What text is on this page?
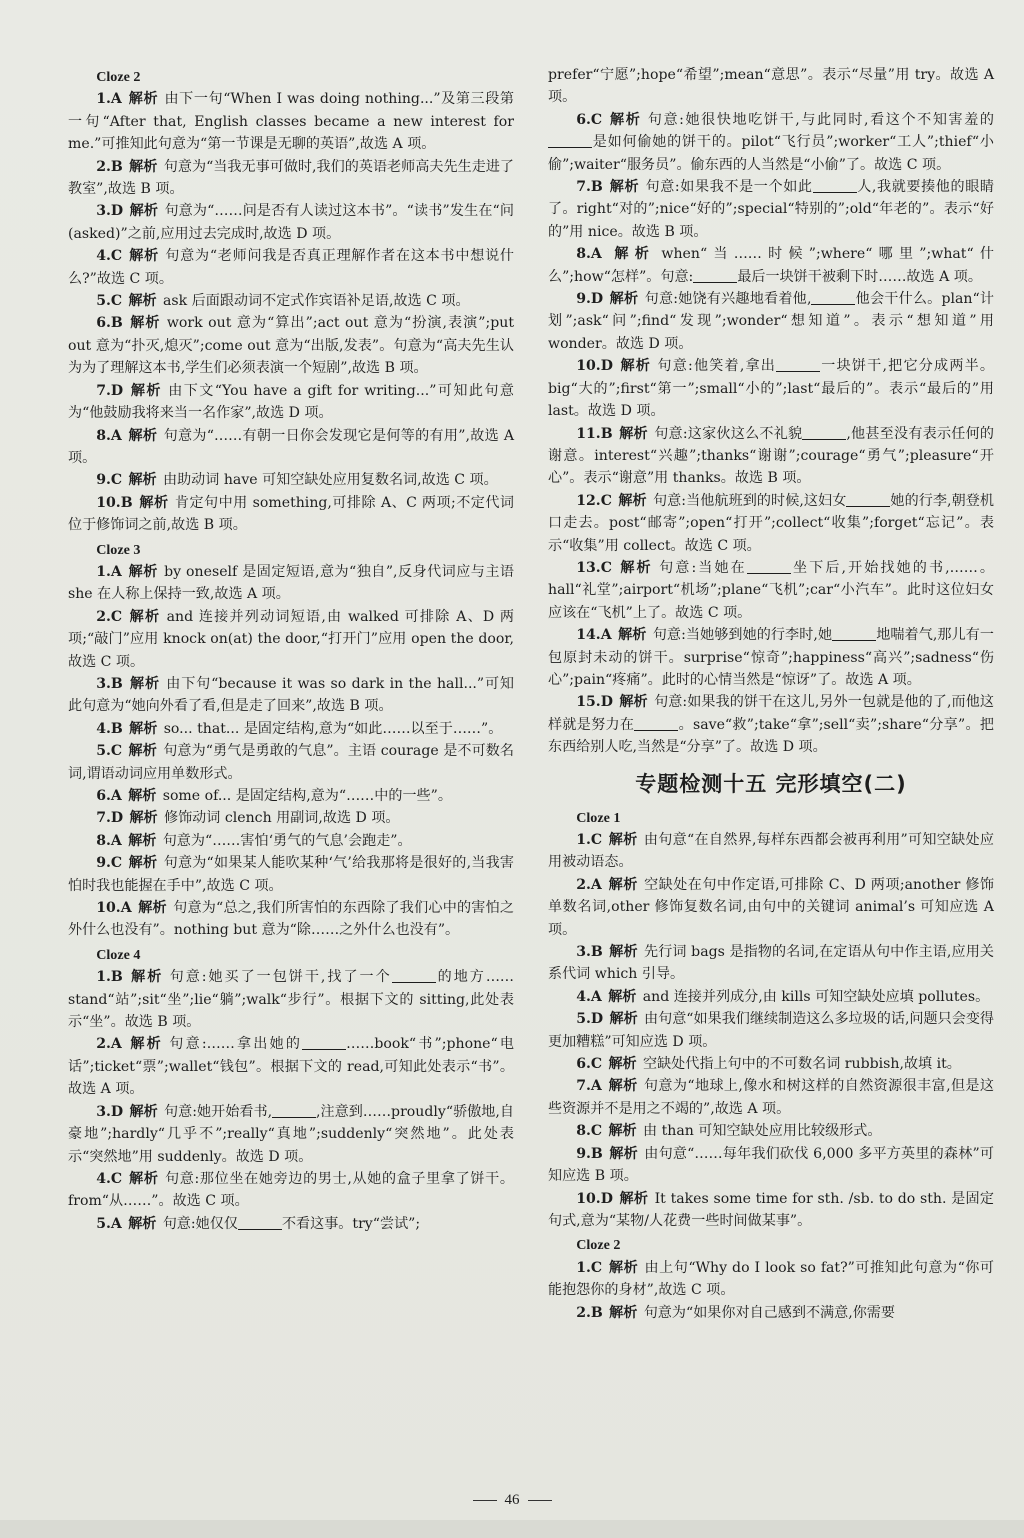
Cloze 2

1.A 解析 由下一句“When I was doing nothing...”及第三段第一句“After that, English classes became a new interest for me.”可推知此句意为“第一节课是无聊的英语”,故选 A 项。

2.B 解析 句意为“当我无事可做时,我们的英语老师高夫先生走进了教室”,故选 B 项。

3.D 解析 句意为“……问是否有人读过这本书”。“读书”发生在“问(asked)”之前,应用过去完成时,故选 D 项。

4.C 解析 句意为“老师问我是否真正理解作者在这本书中想说什么?”故选 C 项。

5.C 解析 ask 后面跟动词不定式作宾语补足语,故选 C 项。

6.B 解析 work out 意为“算出”;act out 意为“扮演,表演”;put out 意为“扑灭,熄灭”;come out 意为“出版,发表”。句意为“高夫先生认为为了理解这本书,学生们必须表演一个短剧”,故选 B 项。

7.D 解析 由下文“You have a gift for writing...”可知此句意为“他鼓励我将来当一名作家”,故选 D 项。

8.A 解析 句意为“……有朝一日你会发现它是何等的有用”,故选 A 项。

9.C 解析 由助动词 have 可知空缺处应用复数名词,故选 C 项。

10.B 解析 肯定句中用 something,可排除 A、C 两项;不定代词位于修饰词之前,故选 B 项。

Cloze 3

1.A 解析 by oneself 是固定短语,意为“独自”,反身代词应与主语 she 在人称上保持一致,故选 A 项。

2.C 解析 and 连接并列动词短语,由 walked 可排除 A、D 两项;“敲门”应用 knock on(at) the door,“打开门”应用 open the door,故选 C 项。

3.B 解析 由下句“because it was so dark in the hall...”可知此句意为“她向外看了看,但是走了回来”,故选 B 项。

4.B 解析 so... that... 是固定结构,意为“如此……以至于……”。

5.C 解析 句意为“勇气是勇敢的气息”。主语 courage 是不可数名词,谓语动词应用单数形式。

6.A 解析 some of... 是固定结构,意为“……中的一些”。

7.D 解析 修饰动词 clench 用副词,故选 D 项。

8.A 解析 句意为“……害怕‘勇气的气息’会跑走”。

9.C 解析 句意为“如果某人能吹某种‘气’给我那将是很好的,当我害怕时我也能握在手中”,故选 C 项。

10.A 解析 句意为“总之,我们所害怕的东西除了我们心中的害怕之外什么也没有”。nothing but 意为“除……之外什么也没有”。

Cloze 4

1.B 解析 句意:她买了一包饼干,找了一个	的地方……stand“站”;sit“坐”;lie“躺”;walk“步行”。根据下文的 sitting,此处表示“坐”。故选 B 项。

2.A 解析 句意:……拿出她的	……book“书”;phone“电话”;ticket“票”;wallet“钱包”。根据下文的 read,可知此处表示“书”。故选 A 项。

3.D 解析 句意:她开始看书,	,注意到……proudly“骄傲地,自豪地”;hardly“几乎不”;really“真地”;suddenly“突然地”。此处表示“突然地”用 suddenly。故选 D 项。

4.C 解析 句意:那位坐在她旁边的男士,从她的盒子里拿了饼干。from“从……”。故选 C 项。

5.A 解析 句意:她仅仅	不看这事。try“尝试”;

prefer“宁愿”;hope“希望”;mean“意思”。表示“尽量”用 try。故选 A 项。

6.C 解析 句意:她很快地吃饼干,与此同时,看这个不知害羞的是如何偷她的饼干的。pilot“飞行员”;worker“工人”;thief“小偷”;waiter“服务员”。偷东西的人当然是“小偷”了。故选 C 项。

7.B 解析 句意:如果我不是一个如此	人,我就要揍他的眼睛了。right“对的”;nice“好的”;special“特别的”;old“年老的”。表示“好的”用 nice。故选 B 项。

8.A 解析 when“当……时候”;where“哪里”;what“什么”;how“怎样”。句意:	最后一块饼干被剩下时……故选 A 项。

9.D 解析 句意:她饶有兴趣地看着他,	他会干什么。plan“计划”;ask“问”;find“发现”;wonder“想知道”。表示“想知道”用 wonder。故选 D 项。

10.D 解析 句意:他笑着,拿出	一块饼干,把它分成两半。big“大的”;first“第一”;small“小的”;last“最后的”。表示“最后的”用 last。故选 D 项。

11.B 解析 句意:这家伙这么不礼貌	,他甚至没有表示任何的谢意。interest“兴趣”;thanks“谢谢”;courage“勇气”;pleasure“开心”。表示“谢意”用 thanks。故选 B 项。

12.C 解析 句意:当他航班到的时候,这妇女	她的行李,朝登机口走去。post“邮寄”;open“打开”;collect“收集”;forget“忘记”。表示“收集”用 collect。故选 C 项。

13.C 解析 句意:当她在	坐下后,开始找她的书,……。hall“礼堂”;airport“机场”;plane“飞机”;car“小汽车”。此时这位妇女应该在“飞机”上了。故选 C 项。

14.A 解析 句意:当她够到她的行李时,她	地喘着气,那儿有一包原封未动的饼干。surprise“惊奇”;happiness“高兴”;sadness“伤心”;pain“疼痛”。此时的心情当然是“惊讶”了。故选 A 项。

15.D 解析 句意:如果我的饼干在这儿,另外一包就是他的了,而他这样就是努力在	。save“救”;take“拿”;sell“卖”;share“分享”。把东西给别人吃,当然是“分享”了。故选 D 项。

专题检测十五 完形填空(二)
Cloze 1

1.C 解析 由句意“在自然界,每样东西都会被再利用”可知空缺处应用被动语态。

2.A 解析 空缺处在句中作定语,可排除 C、D 两项;another 修饰单数名词,other 修饰复数名词,由句中的关键词 animal’s 可知应选 A 项。

3.B 解析 先行词 bags 是指物的名词,在定语从句中作主语,应用关系代词 which 引导。

4.A 解析 and 连接并列成分,由 kills 可知空缺处应填 pollutes。

5.D 解析 由句意“如果我们继续制造这么多垃圾的话,问题只会变得更加糟糕”可知应选 D 项。

6.C 解析 空缺处代指上句中的不可数名词 rubbish,故填 it。

7.A 解析 句意为“地球上,像水和树这样的自然资源很丰富,但是这些资源并不是用之不竭的”,故选 A 项。

8.C 解析 由 than 可知空缺处应用比较级形式。

9.B 解析 由句意“……每年我们砍伐 6,000 多平方英里的森林”可知应选 B 项。

10.D 解析 It takes some time for sth. /sb. to do sth. 是固定句式,意为“某物/人花费一些时间做某事”。

Cloze 2

1.C 解析 由上句“Why do I look so fat?”可推知此句意为“你可能抱怨你的身材”,故选 C 项。

2.B 解析 句意为“如果你对自己感到不满意,你需要

46
